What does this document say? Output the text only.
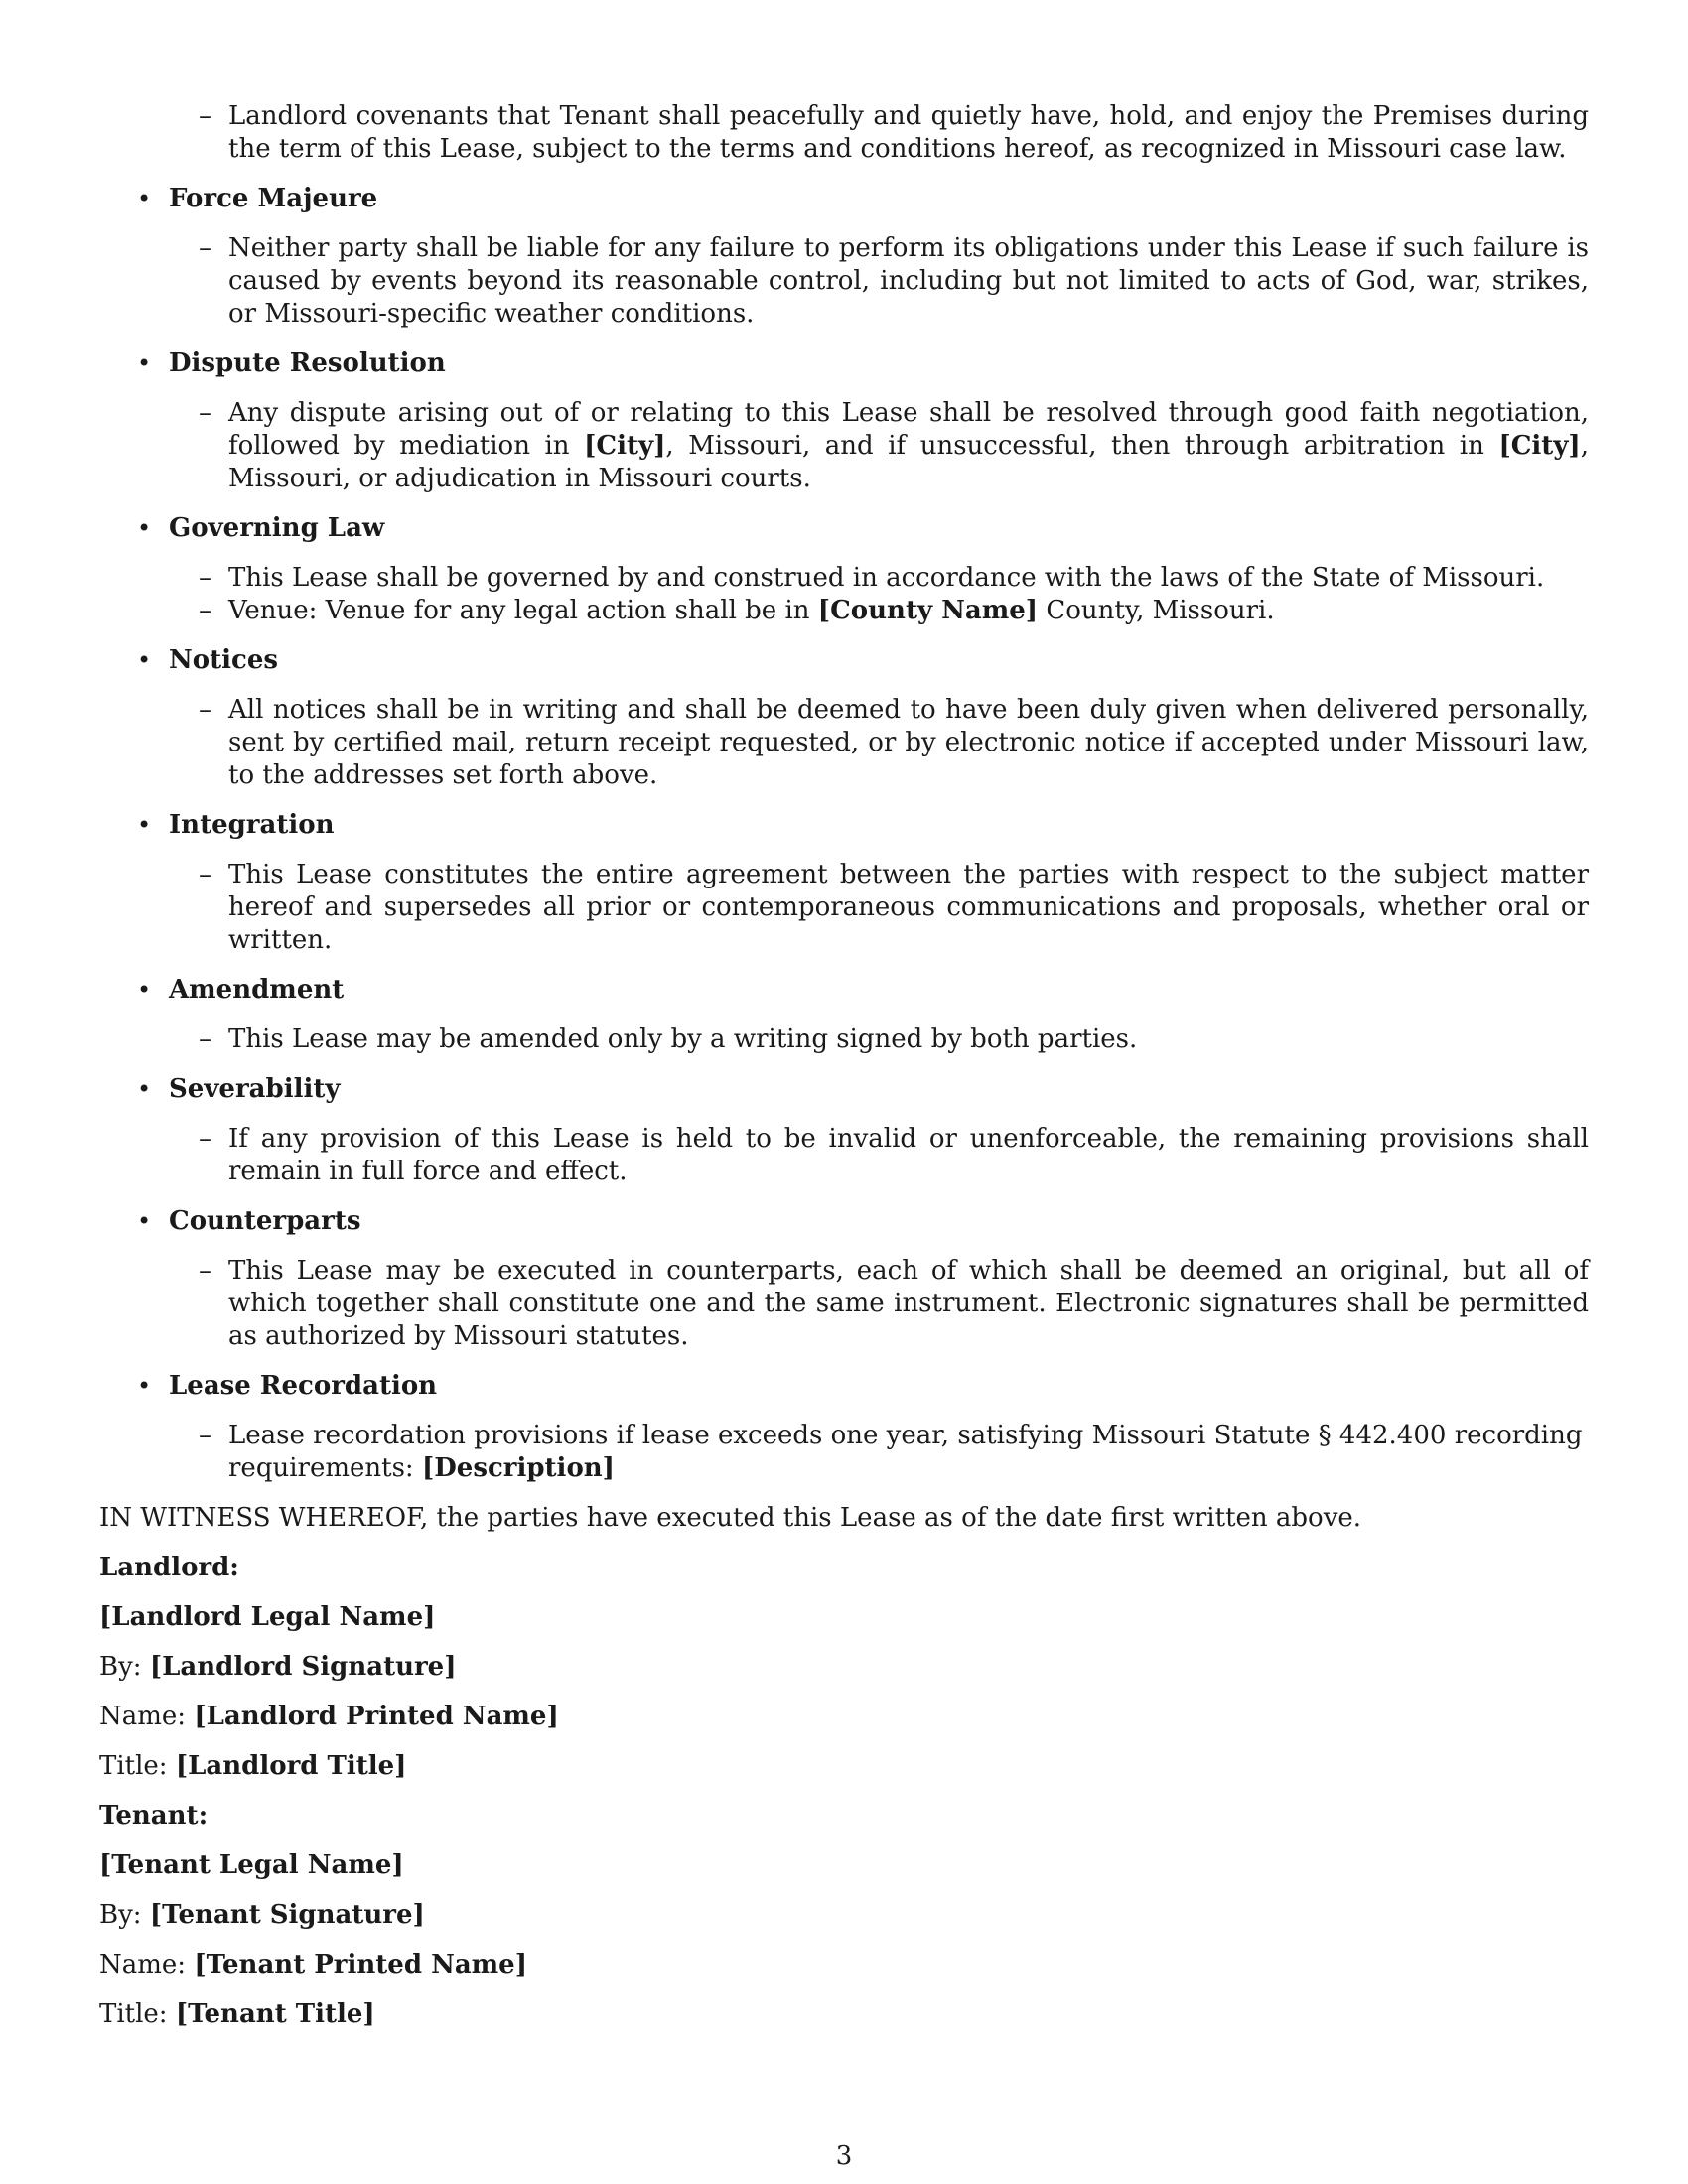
– Landlord covenants that Tenant shall peacefully and quietly have, hold, and enjoy the Premises during the term of this Lease, subject to the terms and conditions hereof, as recognized in Missouri case law.
• Force Majeure
– Neither party shall be liable for any failure to perform its obligations under this Lease if such failure is caused by events beyond its reasonable control, including but not limited to acts of God, war, strikes, or Missouri-specific weather conditions.
• Dispute Resolution
– Any dispute arising out of or relating to this Lease shall be resolved through good faith negotiation, followed by mediation in [City], Missouri, and if unsuccessful, then through arbitration in [City], Missouri, or adjudication in Missouri courts.
• Governing Law
– This Lease shall be governed by and construed in accordance with the laws of the State of Missouri.
– Venue: Venue for any legal action shall be in [County Name] County, Missouri.
• Notices
– All notices shall be in writing and shall be deemed to have been duly given when delivered personally, sent by certified mail, return receipt requested, or by electronic notice if accepted under Missouri law, to the addresses set forth above.
• Integration
– This Lease constitutes the entire agreement between the parties with respect to the subject matter hereof and supersedes all prior or contemporaneous communications and proposals, whether oral or written.
• Amendment
– This Lease may be amended only by a writing signed by both parties.
• Severability
– If any provision of this Lease is held to be invalid or unenforceable, the remaining provisions shall remain in full force and effect.
• Counterparts
– This Lease may be executed in counterparts, each of which shall be deemed an original, but all of which together shall constitute one and the same instrument. Electronic signatures shall be permitted as authorized by Missouri statutes.
• Lease Recordation
– Lease recordation provisions if lease exceeds one year, satisfying Missouri Statute § 442.400 recording requirements: [Description]
IN WITNESS WHEREOF, the parties have executed this Lease as of the date first written above.
Landlord:
[Landlord Legal Name]
By: [Landlord Signature]
Name: [Landlord Printed Name]
Title: [Landlord Title]
Tenant:
[Tenant Legal Name]
By: [Tenant Signature]
Name: [Tenant Printed Name]
Title: [Tenant Title]
3
